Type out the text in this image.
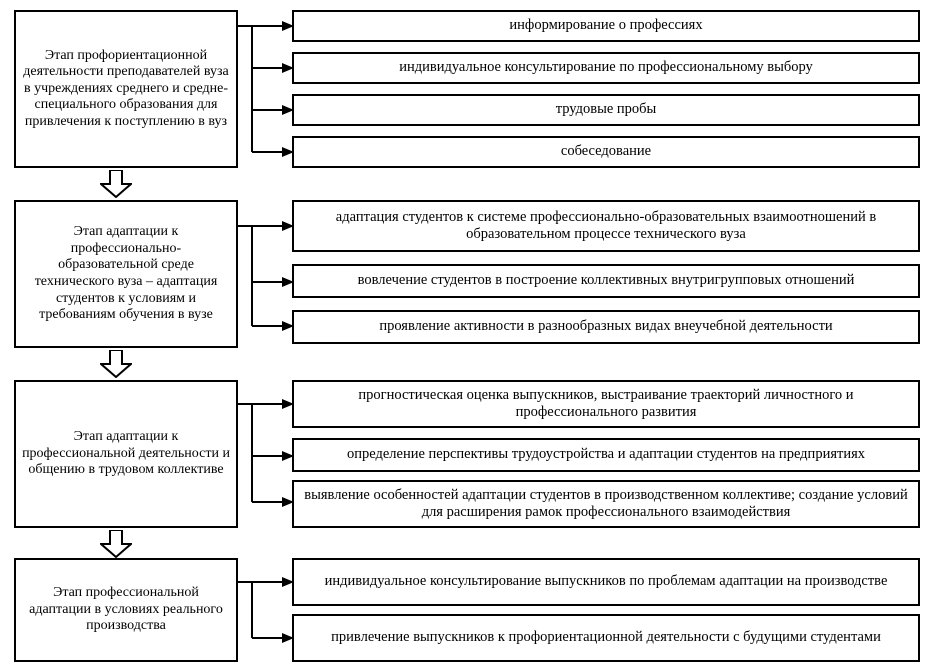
Этап профориентационной деятельности преподавателей вуза в учреждениях среднего и средне-специального образования для привлечения к поступлению в вуз
информирование о профессиях
индивидуальное консультирование по профессиональному выбору
трудовые пробы
собеседование
Этап адаптации к профессионально-образовательной среде технического вуза – адаптация студентов к условиям и требованиям обучения в вузе
адаптация студентов к системе профессионально-образовательных взаимоотношений в образовательном процессе технического вуза
вовлечение студентов в построение коллективных внутригрупповых отношений
проявление активности в разнообразных видах внеучебной деятельности
Этап адаптации к профессиональной деятельности и общению в трудовом коллективе
прогностическая оценка выпускников, выстраивание траекторий личностного и профессионального развития
определение перспективы трудоустройства и адаптации студентов на предприятиях
выявление особенностей адаптации студентов в производственном коллективе; создание условий для расширения рамок профессионального взаимодействия
Этап профессиональной адаптации в условиях реального производства
индивидуальное консультирование выпускников по проблемам адаптации на производстве
привлечение выпускников к профориентационной деятельности с будущими студентами
